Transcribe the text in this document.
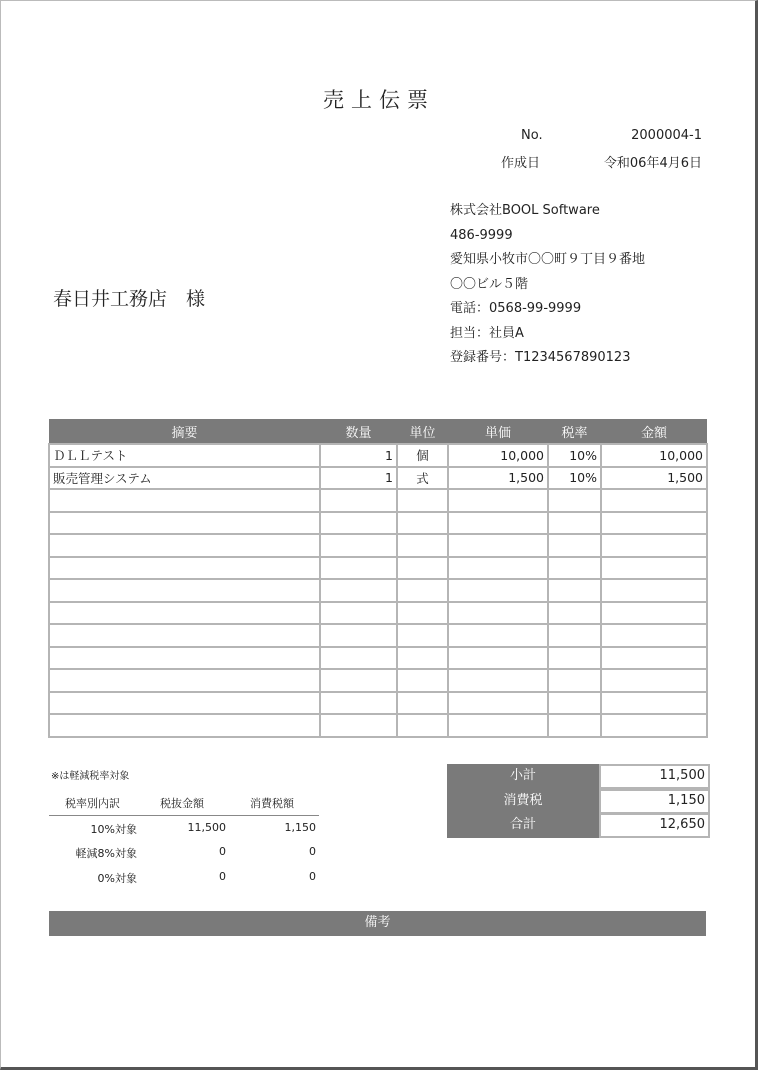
売上伝票
No.	2000004-1
作成日	令和06年4月6日
春日井工務店　様
株式会社BOOL Software
486-9999
愛知県小牧市〇〇町９丁目９番地
〇〇ビル５階
電話：0568-99-9999
担当：社員A
登録番号：T1234567890123
摘要	数量	単位	単価	税率	金額
ＤＬＬテスト	1	個	10,000	10%	10,000
販売管理システム	1	式	1,500	10%	1,500

※は軽減税率対象
税率別内訳	税抜金額	消費税額
10%対象	11,500	1,150
軽減8%対象	0	0
0%対象	0	0
小計	11,500
消費税	1,150
合計	12,650
備考
